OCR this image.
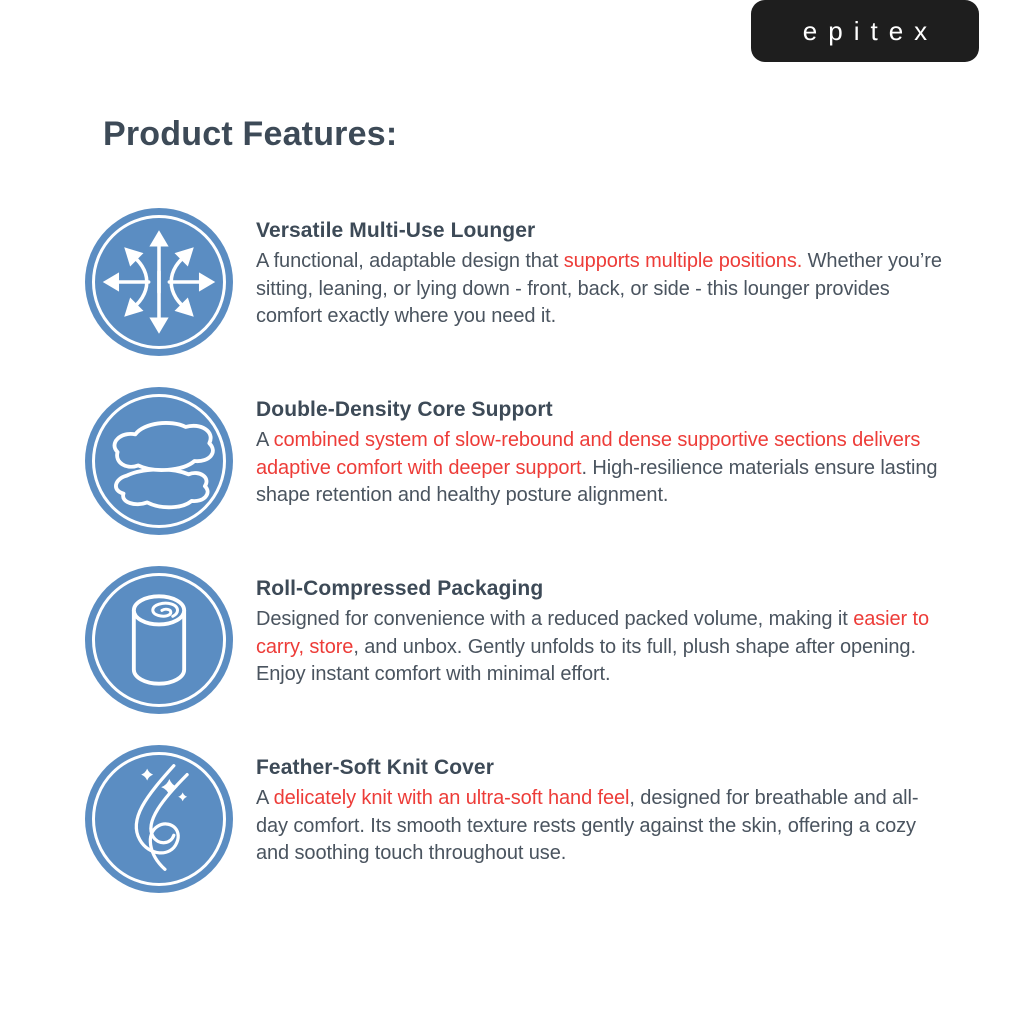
epitex
Product Features:
Versatile Multi-Use Lounger

A functional, adaptable design that supports multiple positions. Whether you’re sitting, leaning, or lying down - front, back, or side - this lounger provides comfort exactly where you need it.

Double-Density Core Support

A combined system of slow-rebound and dense supportive sections delivers adaptive comfort with deeper support. High-resilience materials ensure lasting shape retention and healthy posture alignment.

Roll-Compressed Packaging

Designed for convenience with a reduced packed volume, making it easier to carry, store, and unbox. Gently unfolds to its full, plush shape after opening. Enjoy instant comfort with minimal effort.

Feather-Soft Knit Cover

A delicately knit with an ultra-soft hand feel, designed for breathable and all-day comfort. Its smooth texture rests gently against the skin, offering a cozy and soothing touch throughout use.
